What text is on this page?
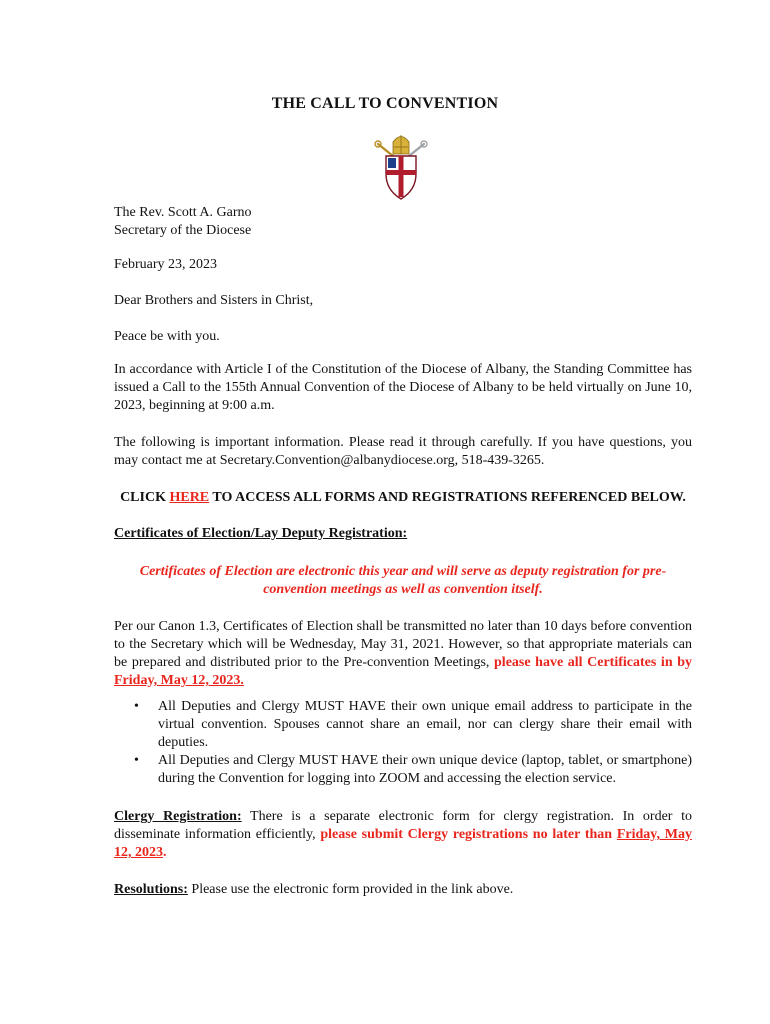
THE CALL TO CONVENTION

The Rev. Scott A. Garno

Secretary of the Diocese

February 23, 2023

Dear Brothers and Sisters in Christ,

Peace be with you.

In accordance with Article I of the Constitution of the Diocese of Albany, the Standing Committee has issued a Call to the 155th Annual Convention of the Diocese of Albany to be held virtually on June 10, 2023, beginning at 9:00 a.m.

The following is important information. Please read it through carefully. If you have questions, you may contact me at Secretary.Convention@albanydiocese.org, 518-439-3265.

CLICK HERE TO ACCESS ALL FORMS AND REGISTRATIONS REFERENCED BELOW.

Certificates of Election/Lay Deputy Registration:

Certificates of Election are electronic this year and will serve as deputy registration for pre-convention meetings as well as convention itself.

Per our Canon 1.3, Certificates of Election shall be transmitted no later than 10 days before convention to the Secretary which will be Wednesday, May 31, 2021. However, so that appropriate materials can be prepared and distributed prior to the Pre-convention Meetings, please have all Certificates in by Friday, May 12, 2023.

• All Deputies and Clergy MUST HAVE their own unique email address to participate in the virtual convention. Spouses cannot share an email, nor can clergy share their email with deputies.
• All Deputies and Clergy MUST HAVE their own unique device (laptop, tablet, or smartphone) during the Convention for logging into ZOOM and accessing the election service.

Clergy Registration: There is a separate electronic form for clergy registration. In order to disseminate information efficiently, please submit Clergy registrations no later than Friday, May 12, 2023.

Resolutions: Please use the electronic form provided in the link above.
